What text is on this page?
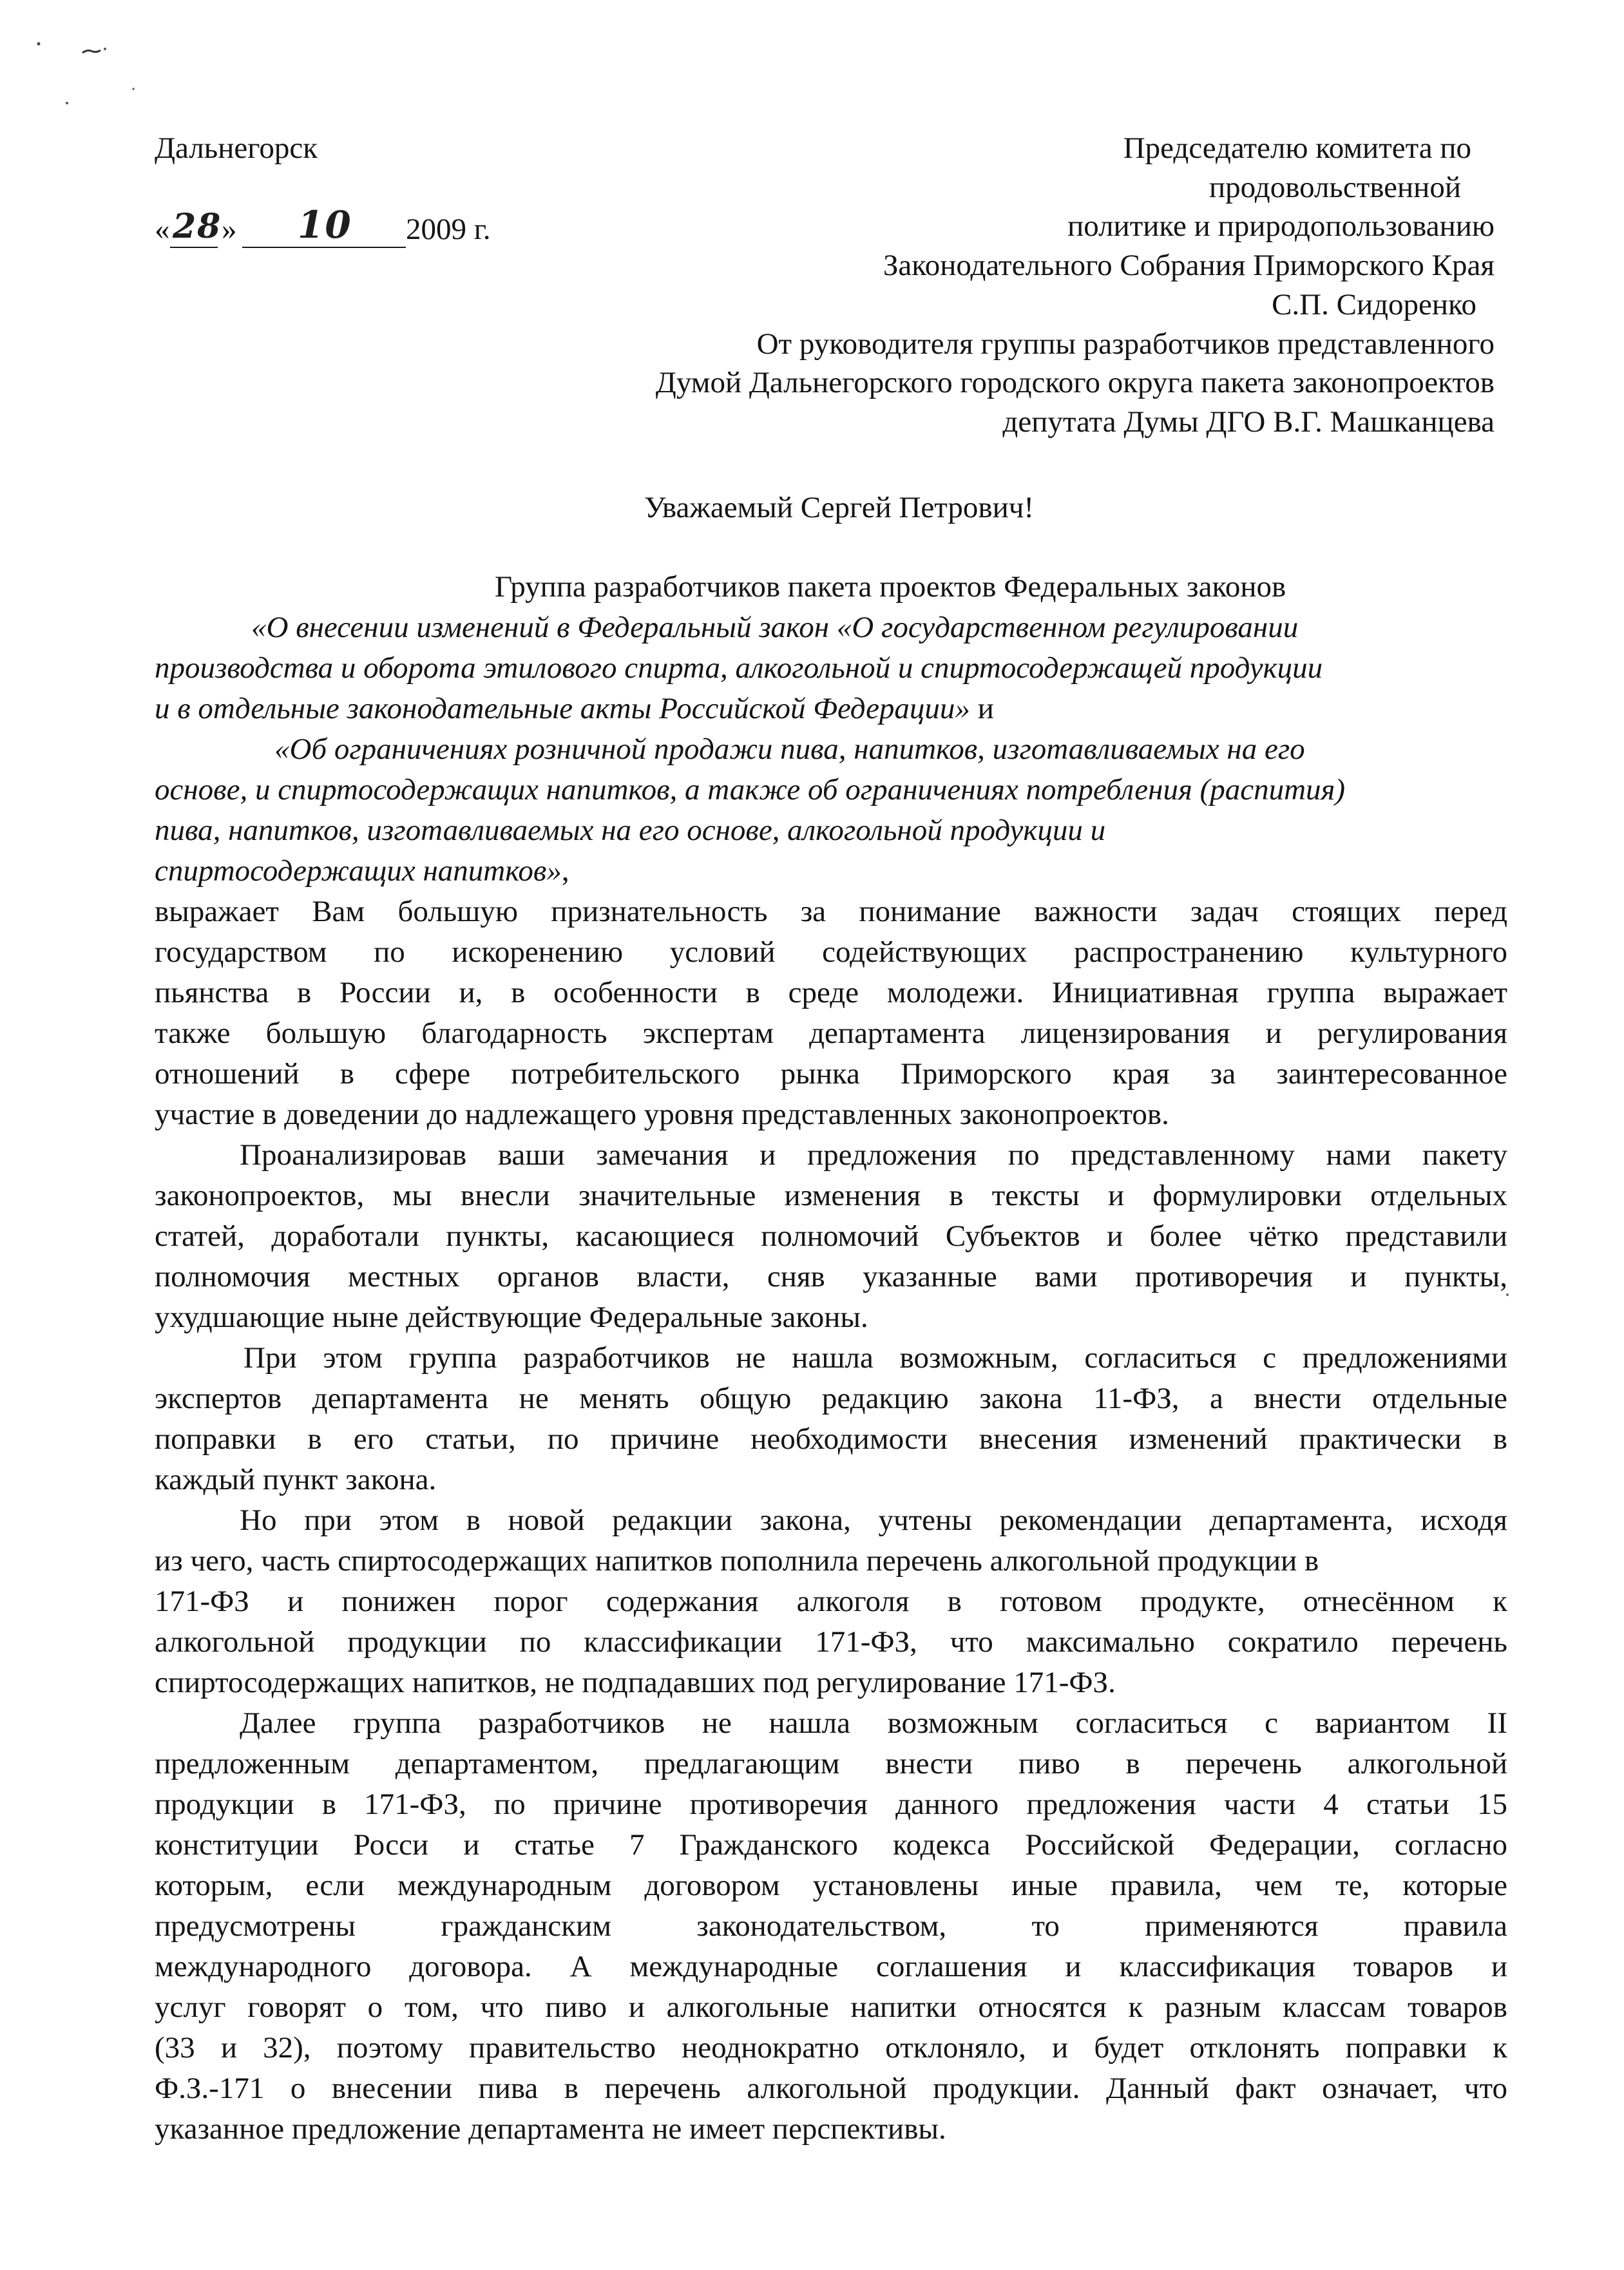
Дальнегорск
« 28 » 10 2009 г.
Председателю комитета по
продовольственной
политике и природопользованию
Законодательного Собрания Приморского Края
С.П. Сидоренко
От руководителя группы разработчиков представленного
Думой Дальнегорского городского округа пакета законопроектов
депутата Думы ДГО В.Г. Машканцева
Уважаемый Сергей Петрович!
Группа разработчиков пакета проектов Федеральных законов
«О внесении изменений в Федеральный закон «О государственном регулировании
производства и оборота этилового спирта, алкогольной и спиртосодержащей продукции
и в отдельные законодательные акты Российской Федерации» и
«Об ограничениях розничной продажи пива, напитков, изготавливаемых на его
основе, и спиртосодержащих напитков, а также об ограничениях потребления (распития)
пива, напитков, изготавливаемых на его основе, алкогольной продукции и
спиртосодержащих напитков»,
выражает Вам большую признательность за понимание важности задач стоящих перед
государством по искоренению условий содействующих распространению культурного
пьянства в России и, в особенности в среде молодежи. Инициативная группа выражает
также большую благодарность экспертам департамента лицензирования и регулирования
отношений в сфере потребительского рынка Приморского края за заинтересованное
участие в доведении до надлежащего уровня представленных законопроектов.
Проанализировав ваши замечания и предложения по представленному нами пакету
законопроектов, мы внесли значительные изменения в тексты и формулировки отдельных
статей, доработали пункты, касающиеся полномочий Субъектов и более чётко представили
полномочия местных органов власти, сняв указанные вами противоречия и пункты,
ухудшающие ныне действующие Федеральные законы.
При этом группа разработчиков не нашла возможным, согласиться с предложениями
экспертов департамента не менять общую редакцию закона 11-ФЗ, а внести отдельные
поправки в его статьи, по причине необходимости внесения изменений практически в
каждый пункт закона.
Но при этом в новой редакции закона, учтены рекомендации департамента, исходя
из чего, часть спиртосодержащих напитков пополнила перечень алкогольной продукции в
171-ФЗ и понижен порог содержания алкоголя в готовом продукте, отнесённом к
алкогольной продукции по классификации 171-ФЗ, что максимально сократило перечень
спиртосодержащих напитков, не подпадавших под регулирование 171-ФЗ.
Далее группа разработчиков не нашла возможным согласиться с вариантом II
предложенным департаментом, предлагающим внести пиво в перечень алкогольной
продукции в 171-ФЗ, по причине противоречия данного предложения части 4 статьи 15
конституции Росси и статье 7 Гражданского кодекса Российской Федерации, согласно
которым, если международным договором установлены иные правила, чем те, которые
предусмотрены гражданским законодательством, то применяются правила
международного договора. А международные соглашения и классификация товаров и
услуг говорят о том, что пиво и алкогольные напитки относятся к разным классам товаров
(33 и 32), поэтому правительство неоднократно отклоняло, и будет отклонять поправки к
Ф.З.-171 о внесении пива в перечень алкогольной продукции. Данный факт означает, что
указанное предложение департамента не имеет перспективы.
